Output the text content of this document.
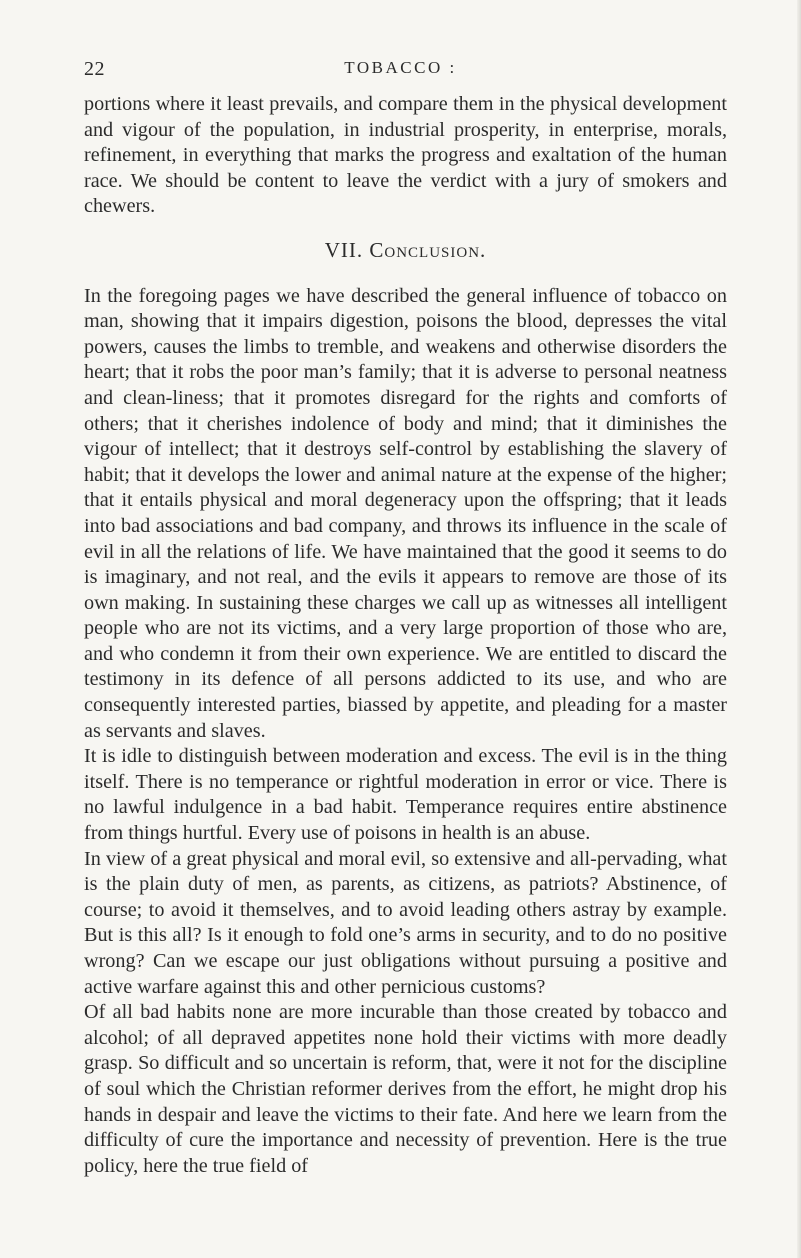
22	TOBACCO :

portions where it least prevails, and compare them in the physical development and vigour of the population, in industrial prosperity, in enterprise, morals, refinement, in everything that marks the progress and exaltation of the human race. We should be content to leave the verdict with a jury of smokers and chewers.

VII. Conclusion.

In the foregoing pages we have described the general influence of tobacco on man, showing that it impairs digestion, poisons the blood, depresses the vital powers, causes the limbs to tremble, and weakens and otherwise disorders the heart; that it robs the poor man’s family; that it is adverse to personal neatness and clean-liness; that it promotes disregard for the rights and comforts of others; that it cherishes indolence of body and mind; that it diminishes the vigour of intellect; that it destroys self-control by establishing the slavery of habit; that it develops the lower and animal nature at the expense of the higher; that it entails physical and moral degeneracy upon the offspring; that it leads into bad associations and bad company, and throws its influence in the scale of evil in all the relations of life. We have maintained that the good it seems to do is imaginary, and not real, and the evils it appears to remove are those of its own making. In sustaining these charges we call up as witnesses all intelligent people who are not its victims, and a very large proportion of those who are, and who condemn it from their own experience. We are entitled to discard the testimony in its defence of all persons addicted to its use, and who are consequently interested parties, biassed by appetite, and pleading for a master as servants and slaves.

It is idle to distinguish between moderation and excess. The evil is in the thing itself. There is no temperance or rightful moderation in error or vice. There is no lawful indulgence in a bad habit. Temperance requires entire abstinence from things hurtful. Every use of poisons in health is an abuse.

In view of a great physical and moral evil, so extensive and all-pervading, what is the plain duty of men, as parents, as citizens, as patriots? Abstinence, of course; to avoid it themselves, and to avoid leading others astray by example. But is this all? Is it enough to fold one’s arms in security, and to do no positive wrong? Can we escape our just obligations without pursuing a positive and active warfare against this and other pernicious customs?

Of all bad habits none are more incurable than those created by tobacco and alcohol; of all depraved appetites none hold their victims with more deadly grasp. So difficult and so uncertain is reform, that, were it not for the discipline of soul which the Christian reformer derives from the effort, he might drop his hands in despair and leave the victims to their fate. And here we learn from the difficulty of cure the importance and necessity of prevention. Here is the true policy, here the true field of
